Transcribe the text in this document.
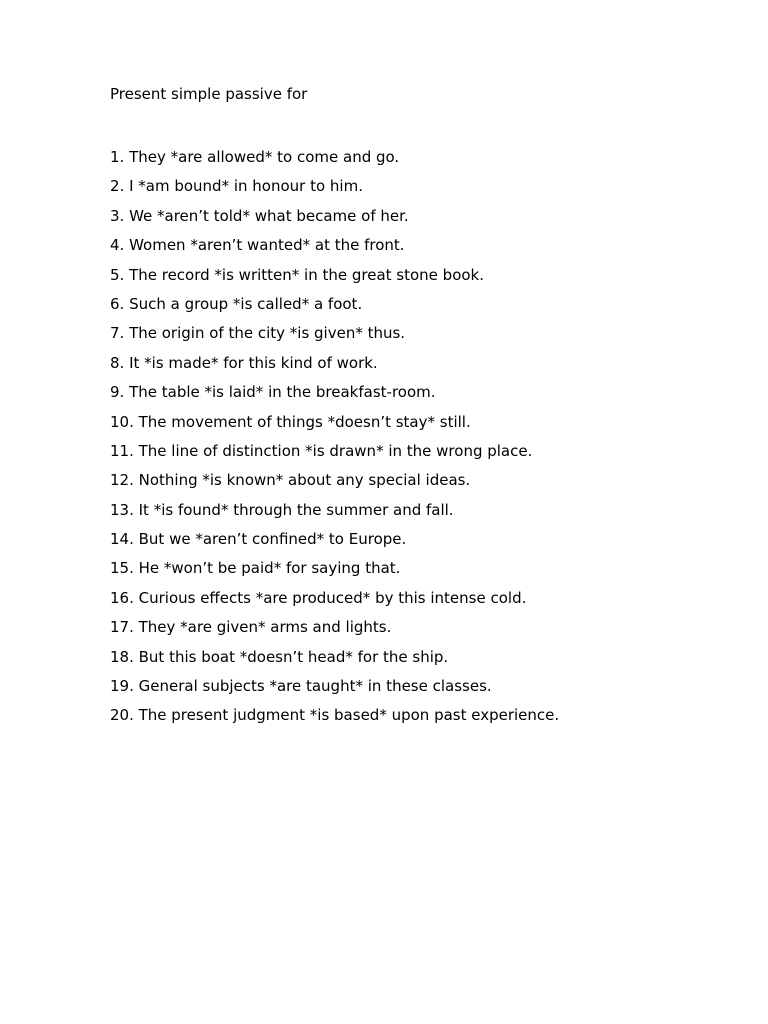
Present simple passive for
1. They *are allowed* to come and go.
2. I *am bound* in honour to him.
3. We *aren’t told* what became of her.
4. Women *aren’t wanted* at the front.
5. The record *is written* in the great stone book.
6. Such a group *is called* a foot.
7. The origin of the city *is given* thus.
8. It *is made* for this kind of work.
9. The table *is laid* in the breakfast-room.
10. The movement of things *doesn’t stay* still.
11. The line of distinction *is drawn* in the wrong place.
12. Nothing *is known* about any special ideas.
13. It *is found* through the summer and fall.
14. But we *aren’t confined* to Europe.
15. He *won’t be paid* for saying that.
16. Curious effects *are produced* by this intense cold.
17. They *are given* arms and lights.
18. But this boat *doesn’t head* for the ship.
19. General subjects *are taught* in these classes.
20. The present judgment *is based* upon past experience.
